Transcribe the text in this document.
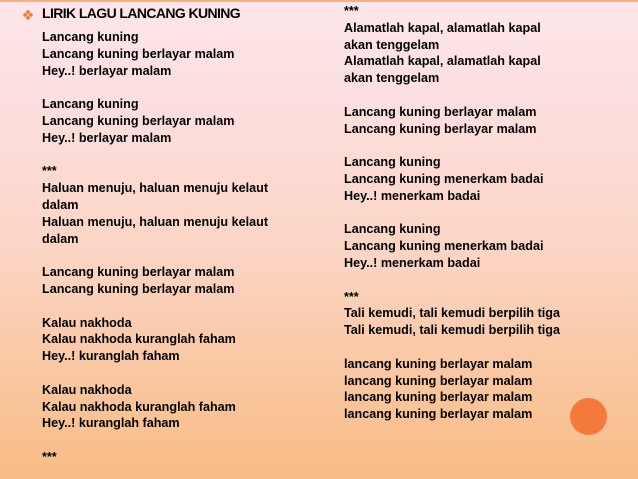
❖ LIRIK LAGU LANCANG KUNING
Lancang kuning
Lancang kuning berlayar malam
Hey..! berlayar malam
Lancang kuning
Lancang kuning berlayar malam
Hey..! berlayar malam
***
Haluan menuju, haluan menuju kelaut
dalam
Haluan menuju, haluan menuju kelaut
dalam
Lancang kuning berlayar malam
Lancang kuning berlayar malam
Kalau nakhoda
Kalau nakhoda kuranglah faham
Hey..! kuranglah faham
Kalau nakhoda
Kalau nakhoda kuranglah faham
Hey..! kuranglah faham
***
***
Alamatlah kapal, alamatlah kapal
akan tenggelam
Alamatlah kapal, alamatlah kapal
akan tenggelam
Lancang kuning berlayar malam
Lancang kuning berlayar malam
Lancang kuning
Lancang kuning menerkam badai
Hey..! menerkam badai
Lancang kuning
Lancang kuning menerkam badai
Hey..! menerkam badai
***
Tali kemudi, tali kemudi berpilih tiga
Tali kemudi, tali kemudi berpilih tiga
lancang kuning berlayar malam
lancang kuning berlayar malam
lancang kuning berlayar malam
lancang kuning berlayar malam
